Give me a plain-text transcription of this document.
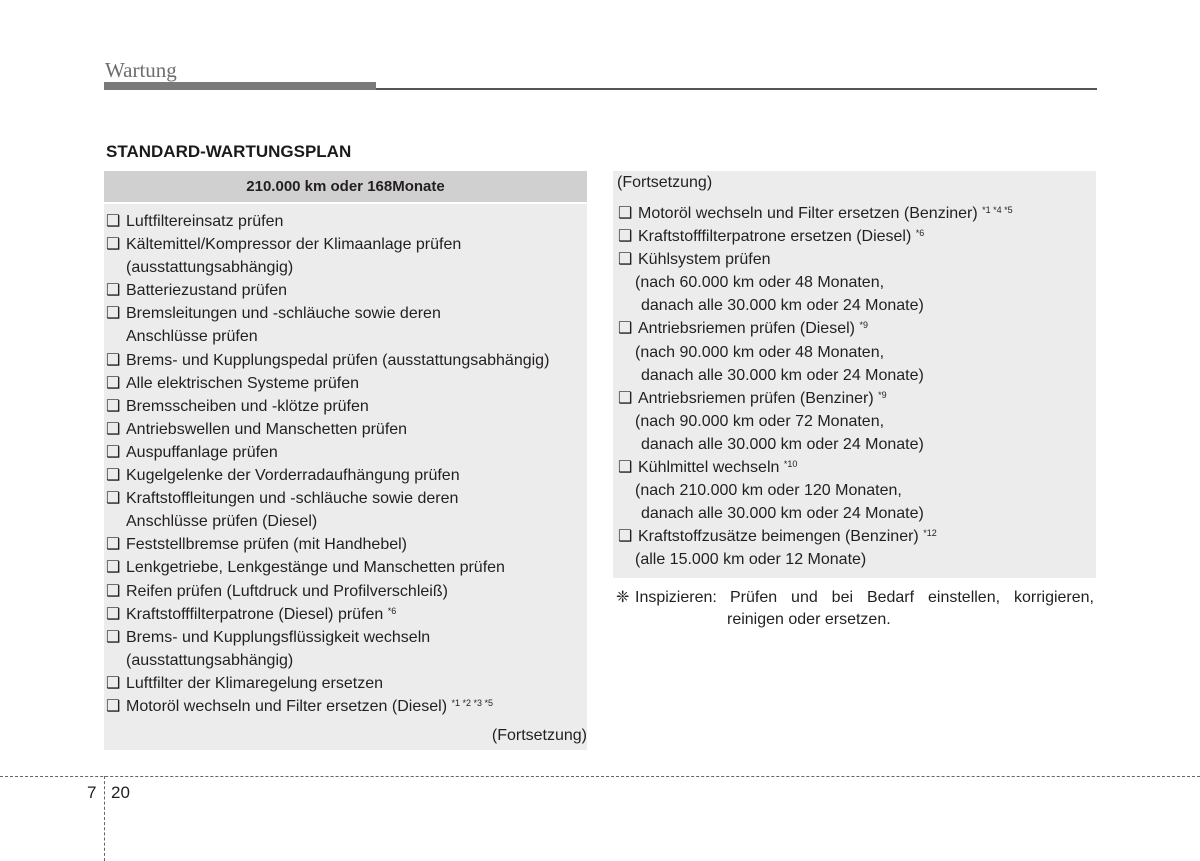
Wartung
STANDARD-WARTUNGSPLAN
210.000 km oder 168Monate
❑ Luftfiltereinsatz prüfen
❑ Kältemittel/Kompressor der Klimaanlage prüfen
(ausstattungsabhängig)
❑ Batteriezustand prüfen
❑ Bremsleitungen und -schläuche sowie deren
Anschlüsse prüfen
❑ Brems- und Kupplungspedal prüfen (ausstattungsabhängig)
❑ Alle elektrischen Systeme prüfen
❑ Bremsscheiben und -klötze prüfen
❑ Antriebswellen und Manschetten prüfen
❑ Auspuffanlage prüfen
❑ Kugelgelenke der Vorderradaufhängung prüfen
❑ Kraftstoffleitungen und -schläuche sowie deren
Anschlüsse prüfen (Diesel)
❑ Feststellbremse prüfen (mit Handhebel)
❑ Lenkgetriebe, Lenkgestänge und Manschetten prüfen
❑ Reifen prüfen (Luftdruck und Profilverschleiß)
❑ Kraftstofffilterpatrone (Diesel) prüfen $^{*6}$
❑ Brems- und Kupplungsflüssigkeit wechseln
(ausstattungsabhängig)
❑ Luftfilter der Klimaregelung ersetzen
❑ Motoröl wechseln und Filter ersetzen (Diesel) $^{*1 *2 *3 *5}$
(Fortsetzung)
(Fortsetzung)
❑ Motoröl wechseln und Filter ersetzen (Benziner) $^{*1 *4 *5}$
❑ Kraftstofffilterpatrone ersetzen (Diesel) $^{*6}$
❑ Kühlsystem prüfen
(nach 60.000 km oder 48 Monaten,
danach alle 30.000 km oder 24 Monate)
❑ Antriebsriemen prüfen (Diesel) $^{*9}$
(nach 90.000 km oder 48 Monaten,
danach alle 30.000 km oder 24 Monate)
❑ Antriebsriemen prüfen (Benziner) $^{*9}$
(nach 90.000 km oder 72 Monaten,
danach alle 30.000 km oder 24 Monate)
❑ Kühlmittel wechseln $^{*10}$
(nach 210.000 km oder 120 Monaten,
danach alle 30.000 km oder 24 Monate)
❑ Kraftstoffzusätze beimengen (Benziner) $^{*12}$
(alle 15.000 km oder 12 Monate)
❈ Inspizieren: Prüfen und bei Bedarf einstellen, korrigieren,
reinigen oder ersetzen.
7 20
